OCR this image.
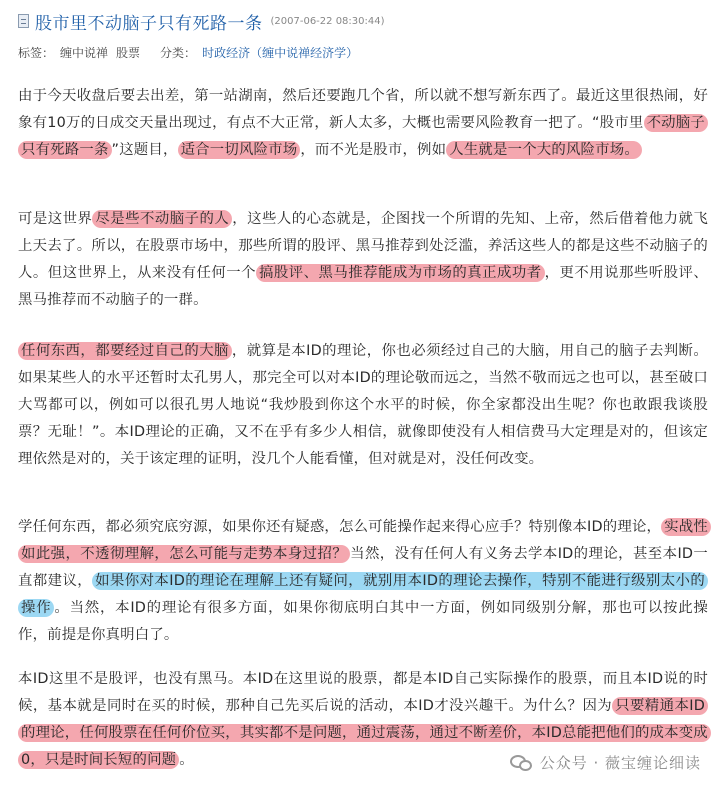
股市里不动脑子只有死路一条 (2007-06-22 08:30:44)
标签： 缠中说禅 股票 分类： 时政经济（缠中说禅经济学）
由于今天收盘后要去出差，第一站湖南，然后还要跑几个省，所以就不想写新东西了。最近这里很热闹，好象有10万的日成交天量出现过，有点不大正常，新人太多，大概也需要风险教育一把了。“股市里 不动脑子只有死路一条 ”这题目， 适合一切风险市场 ，而不光是股市，例如 人生就是一个大的风险市场。
可是这世界 尽是些不动脑子的人 ，这些人的心态就是，企图找一个所谓的先知、上帝，然后借着他力就飞上天去了。所以，在股票市场中，那些所谓的股评、黑马推荐到处泛滥，养活这些人的都是这些不动脑子的人。但这世界上，从来没有任何一个 搞股评、黑马推荐能成为市场的真正成功者 ，更不用说那些听股评、黑马推荐而不动脑子的一群。
任何东西，都要经过自己的大脑 ，就算是本ID的理论，你也必须经过自己的大脑，用自己的脑子去判断。如果某些人的水平还暂时太孔男人，那完全可以对本ID的理论敬而远之，当然不敬而远之也可以，甚至破口大骂都可以，例如可以很孔男人地说“我炒股到你这个水平的时候，你全家都没出生呢？你也敢跟我谈股票？无耻！”。本ID理论的正确，又不在乎有多少人相信，就像即使没有人相信费马大定理是对的，但该定理依然是对的，关于该定理的证明，没几个人能看懂，但对就是对，没任何改变。
学任何东西，都必须究底穷源，如果你还有疑惑，怎么可能操作起来得心应手？特别像本ID的理论， 实战性如此强，不透彻理解，怎么可能与走势本身过招？ 当然，没有任何人有义务去学本ID的理论，甚至本ID一直都建议， 如果你对本ID的理论在理解上还有疑问，就别用本ID的理论去操作，特别不能进行级别太小的操作 。当然，本ID的理论有很多方面，如果你彻底明白其中一方面，例如同级别分解，那也可以按此操作，前提是你真明白了。
本ID这里不是股评，也没有黑马。本ID在这里说的股票，都是本ID自己实际操作的股票，而且本ID说的时候，基本就是同时在买的时候，那种自己先买后说的活动，本ID才没兴趣干。为什么？因为 只要精通本ID的理论，任何股票在任何价位买，其实都不是问题，通过震荡，通过不断差价，本ID总能把他们的成本变成0，只是时间长短的问题 。	公众号 · 薇宝缠论细读
